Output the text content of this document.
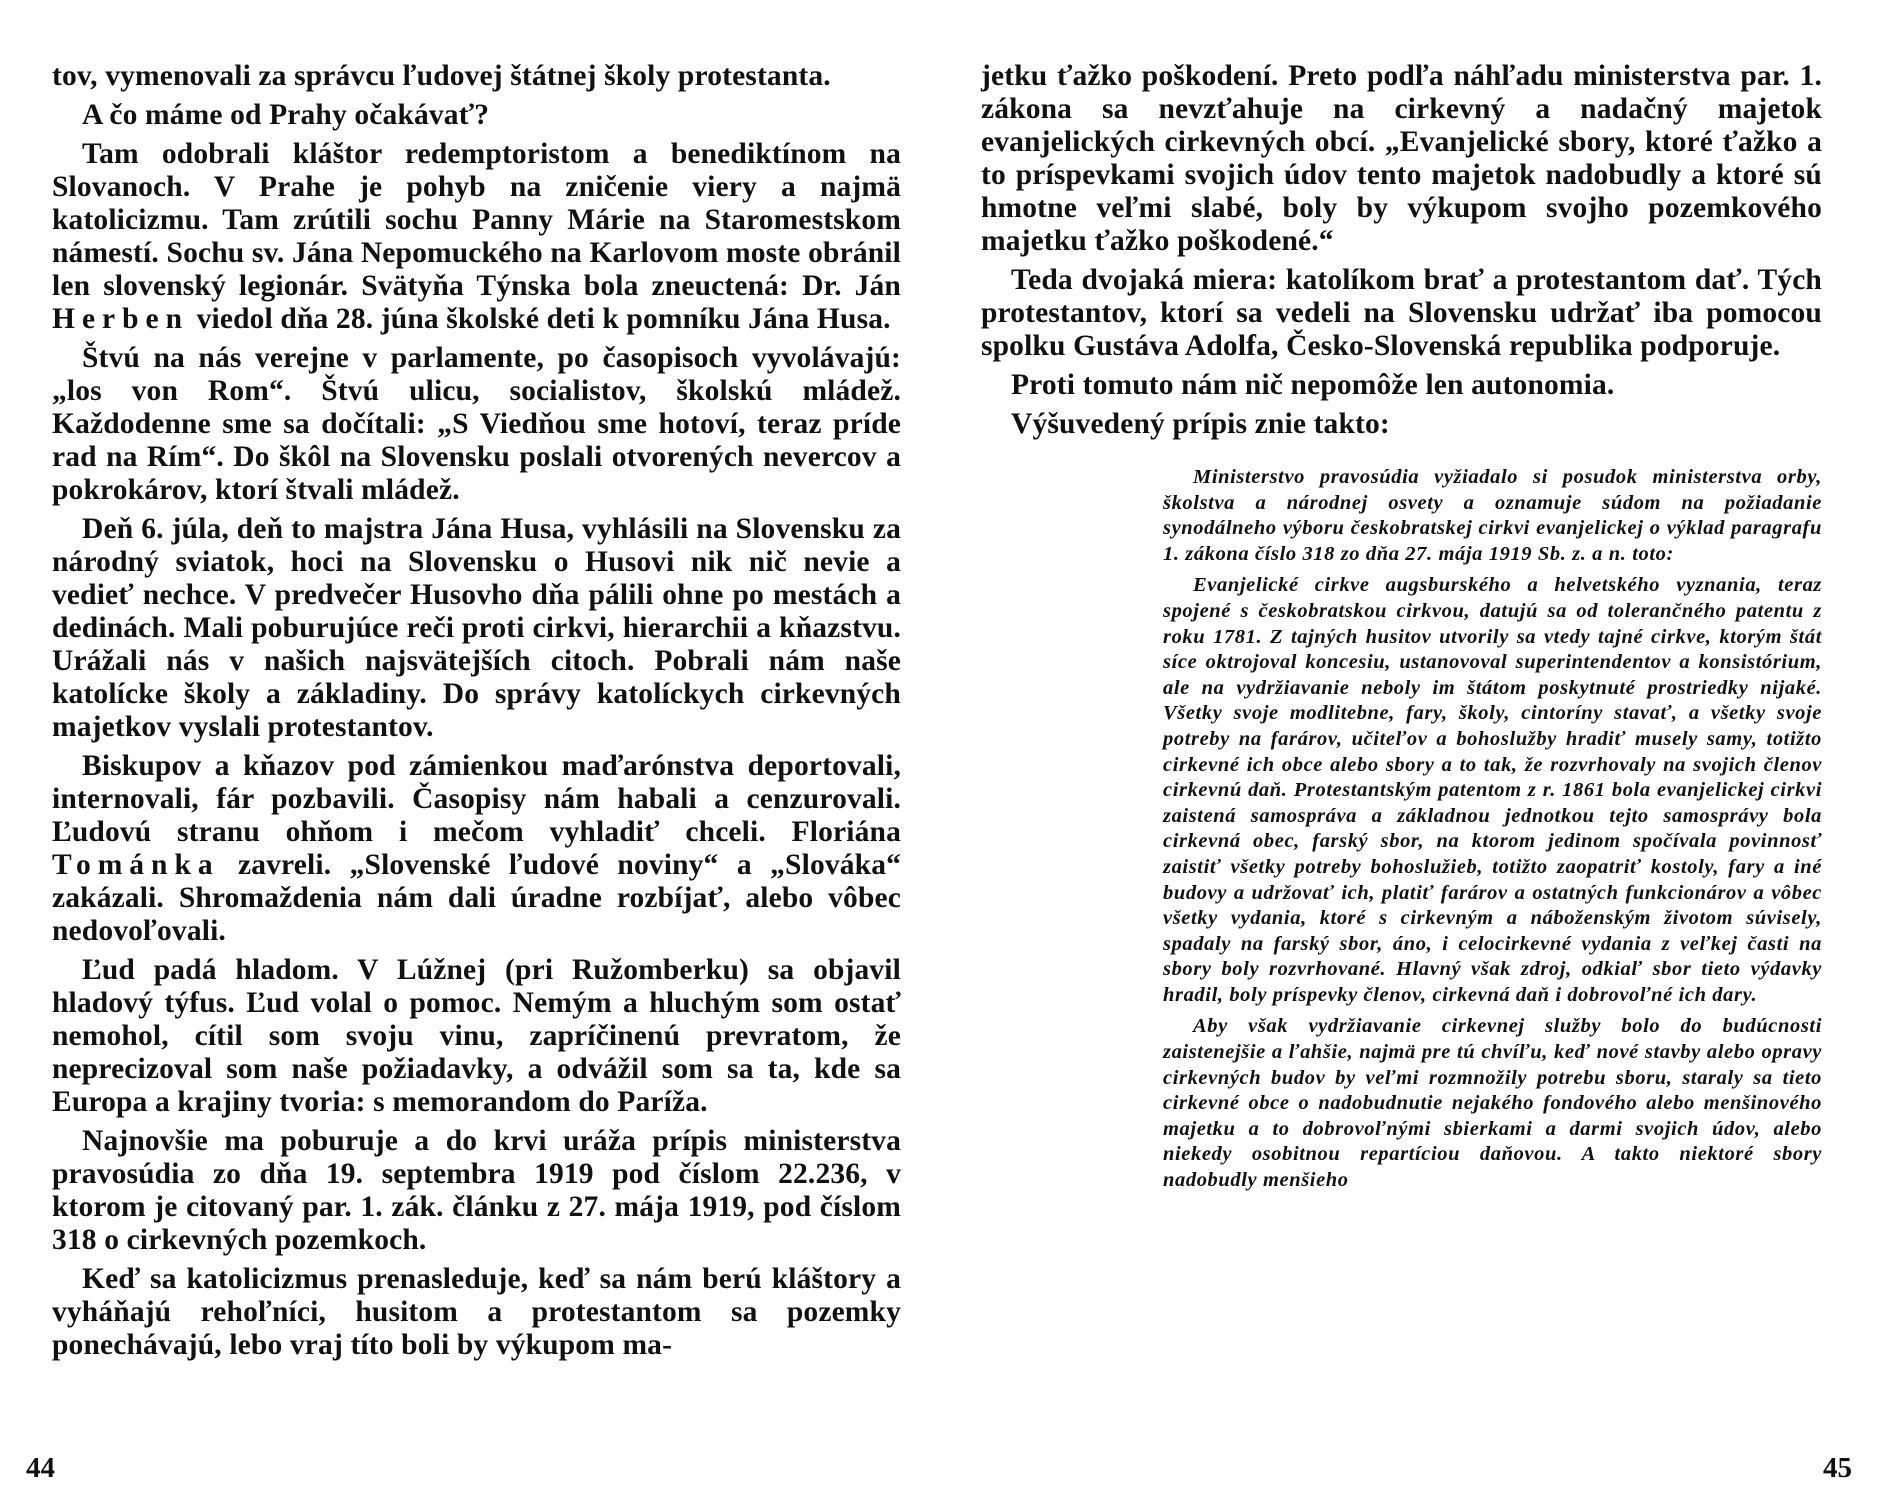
tov, vymenovali za správcu ľudovej štátnej školy protestanta.

A čo máme od Prahy očakávať?

Tam odobrali kláštor redemptoristom a benediktínom na Slovanoch. V Prahe je pohyb na zničenie viery a najmä katolicizmu. Tam zrútili sochu Panny Márie na Staromestskom námestí. Sochu sv. Jána Nepomuckého na Karlovom moste obránil len slovenský legionár. Svätyňa Týnska bola zneuctená: Dr. Ján Herben viedol dňa 28. júna školské deti k pomníku Jána Husa.

Štvú na nás verejne v parlamente, po časopisoch vyvolávajú: „los von Rom“. Štvú ulicu, socialistov, školskú mládež. Každodenne sme sa dočítali: „S Viedňou sme hotoví, teraz príde rad na Rím“. Do škôl na Slovensku poslali otvorených nevercov a pokrokárov, ktorí štvali mládež.

Deň 6. júla, deň to majstra Jána Husa, vyhlásili na Slovensku za národný sviatok, hoci na Slovensku o Husovi nik nič nevie a vedieť nechce. V predvečer Husovho dňa pálili ohne po mestách a dedinách. Mali poburujúce reči proti cirkvi, hierarchii a kňazstvu. Urážali nás v našich najsvätejších citoch. Pobrali nám naše katolícke školy a základiny. Do správy katolíckych cirkevných majetkov vyslali protestantov.

Biskupov a kňazov pod zámienkou maďarónstva deportovali, internovali, fár pozbavili. Časopisy nám habali a cenzurovali. Ľudovú stranu ohňom i mečom vyhladiť chceli. Floriána Tománka zavreli. „Slovenské ľudové noviny“ a „Slováka“ zakázali. Shromaždenia nám dali úradne rozbíjať, alebo vôbec nedovoľovali.

Ľud padá hladom. V Lúžnej (pri Ružomberku) sa objavil hladový týfus. Ľud volal o pomoc. Nemým a hluchým som ostať nemohol, cítil som svoju vinu, zapríčinenú prevratom, že neprecizoval som naše požiadavky, a odvážil som sa ta, kde sa Europa a krajiny tvoria: s memorandom do Paríža.

Najnovšie ma poburuje a do krvi uráža prípis ministerstva pravosúdia zo dňa 19. septembra 1919 pod číslom 22.236, v ktorom je citovaný par. 1. zák. článku z 27. mája 1919, pod číslom 318 o cirkevných pozemkoch.

Keď sa katolicizmus prenasleduje, keď sa nám berú kláštory a vyháňajú rehoľníci, husitom a protestantom sa pozemky ponechávajú, lebo vraj títo boli by výkupom ma-

44

jetku ťažko poškodení. Preto podľa náhľadu ministerstva par. 1. zákona sa nevzťahuje na cirkevný a nadačný majetok evanjelických cirkevných obcí. „Evanjelické sbory, ktoré ťažko a to príspevkami svojich údov tento majetok nadobudly a ktoré sú hmotne veľmi slabé, boly by výkupom svojho pozemkového majetku ťažko poškodené.“

Teda dvojaká miera: katolíkom brať a protestantom dať. Tých protestantov, ktorí sa vedeli na Slovensku udržať iba pomocou spolku Gustáva Adolfa, Česko-Slovenská republika podporuje.

Proti tomuto nám nič nepomôže len autonomia.

Výšuvedený prípis znie takto:

Ministerstvo pravosúdia vyžiadalo si posudok ministerstva orby, školstva a národnej osvety a oznamuje súdom na požiadanie synodálneho výboru českobratskej cirkvi evanjelickej o výklad paragrafu 1. zákona číslo 318 zo dňa 27. mája 1919 Sb. z. a n. toto:

Evanjelické cirkve augsburského a helvetského vyznania, teraz spojené s českobratskou cirkvou, datujú sa od tolerančného patentu z roku 1781. Z tajných husitov utvorily sa vtedy tajné cirkve, ktorým štát síce oktrojoval koncesiu, ustanovoval superintendentov a konsistórium, ale na vydržiavanie neboly im štátom poskytnuté prostriedky nijaké. Všetky svoje modlitebne, fary, školy, cintoríny stavať, a všetky svoje potreby na farárov, učiteľov a bohoslužby hradiť musely samy, totižto cirkevné ich obce alebo sbory a to tak, že rozvrhovaly na svojich členov cirkevnú daň. Protestantským patentom z r. 1861 bola evanjelickej cirkvi zaistená samospráva a základnou jednotkou tejto samosprávy bola cirkevná obec, farský sbor, na ktorom jedinom spočívala povinnosť zaistiť všetky potreby bohoslužieb, totižto zaopatriť kostoly, fary a iné budovy a udržovať ich, platiť farárov a ostatných funkcionárov a vôbec všetky vydania, ktoré s cirkevným a náboženským životom súvisely, spadaly na farský sbor, áno, i celocirkevné vydania z veľkej časti na sbory boly rozvrhované. Hlavný však zdroj, odkiaľ sbor tieto výdavky hradil, boly príspevky členov, cirkevná daň i dobrovoľné ich dary.

Aby však vydržiavanie cirkevnej služby bolo do budúcnosti zaistenejšie a ľahšie, najmä pre tú chvíľu, keď nové stavby alebo opravy cirkevných budov by veľmi rozmnožily potrebu sboru, staraly sa tieto cirkevné obce o nadobudnutie nejakého fondového alebo menšinového majetku a to dobrovoľnými sbierkami a darmi svojich údov, alebo niekedy osobitnou repartíciou daňovou. A takto niektoré sbory nadobudly menšieho

45
